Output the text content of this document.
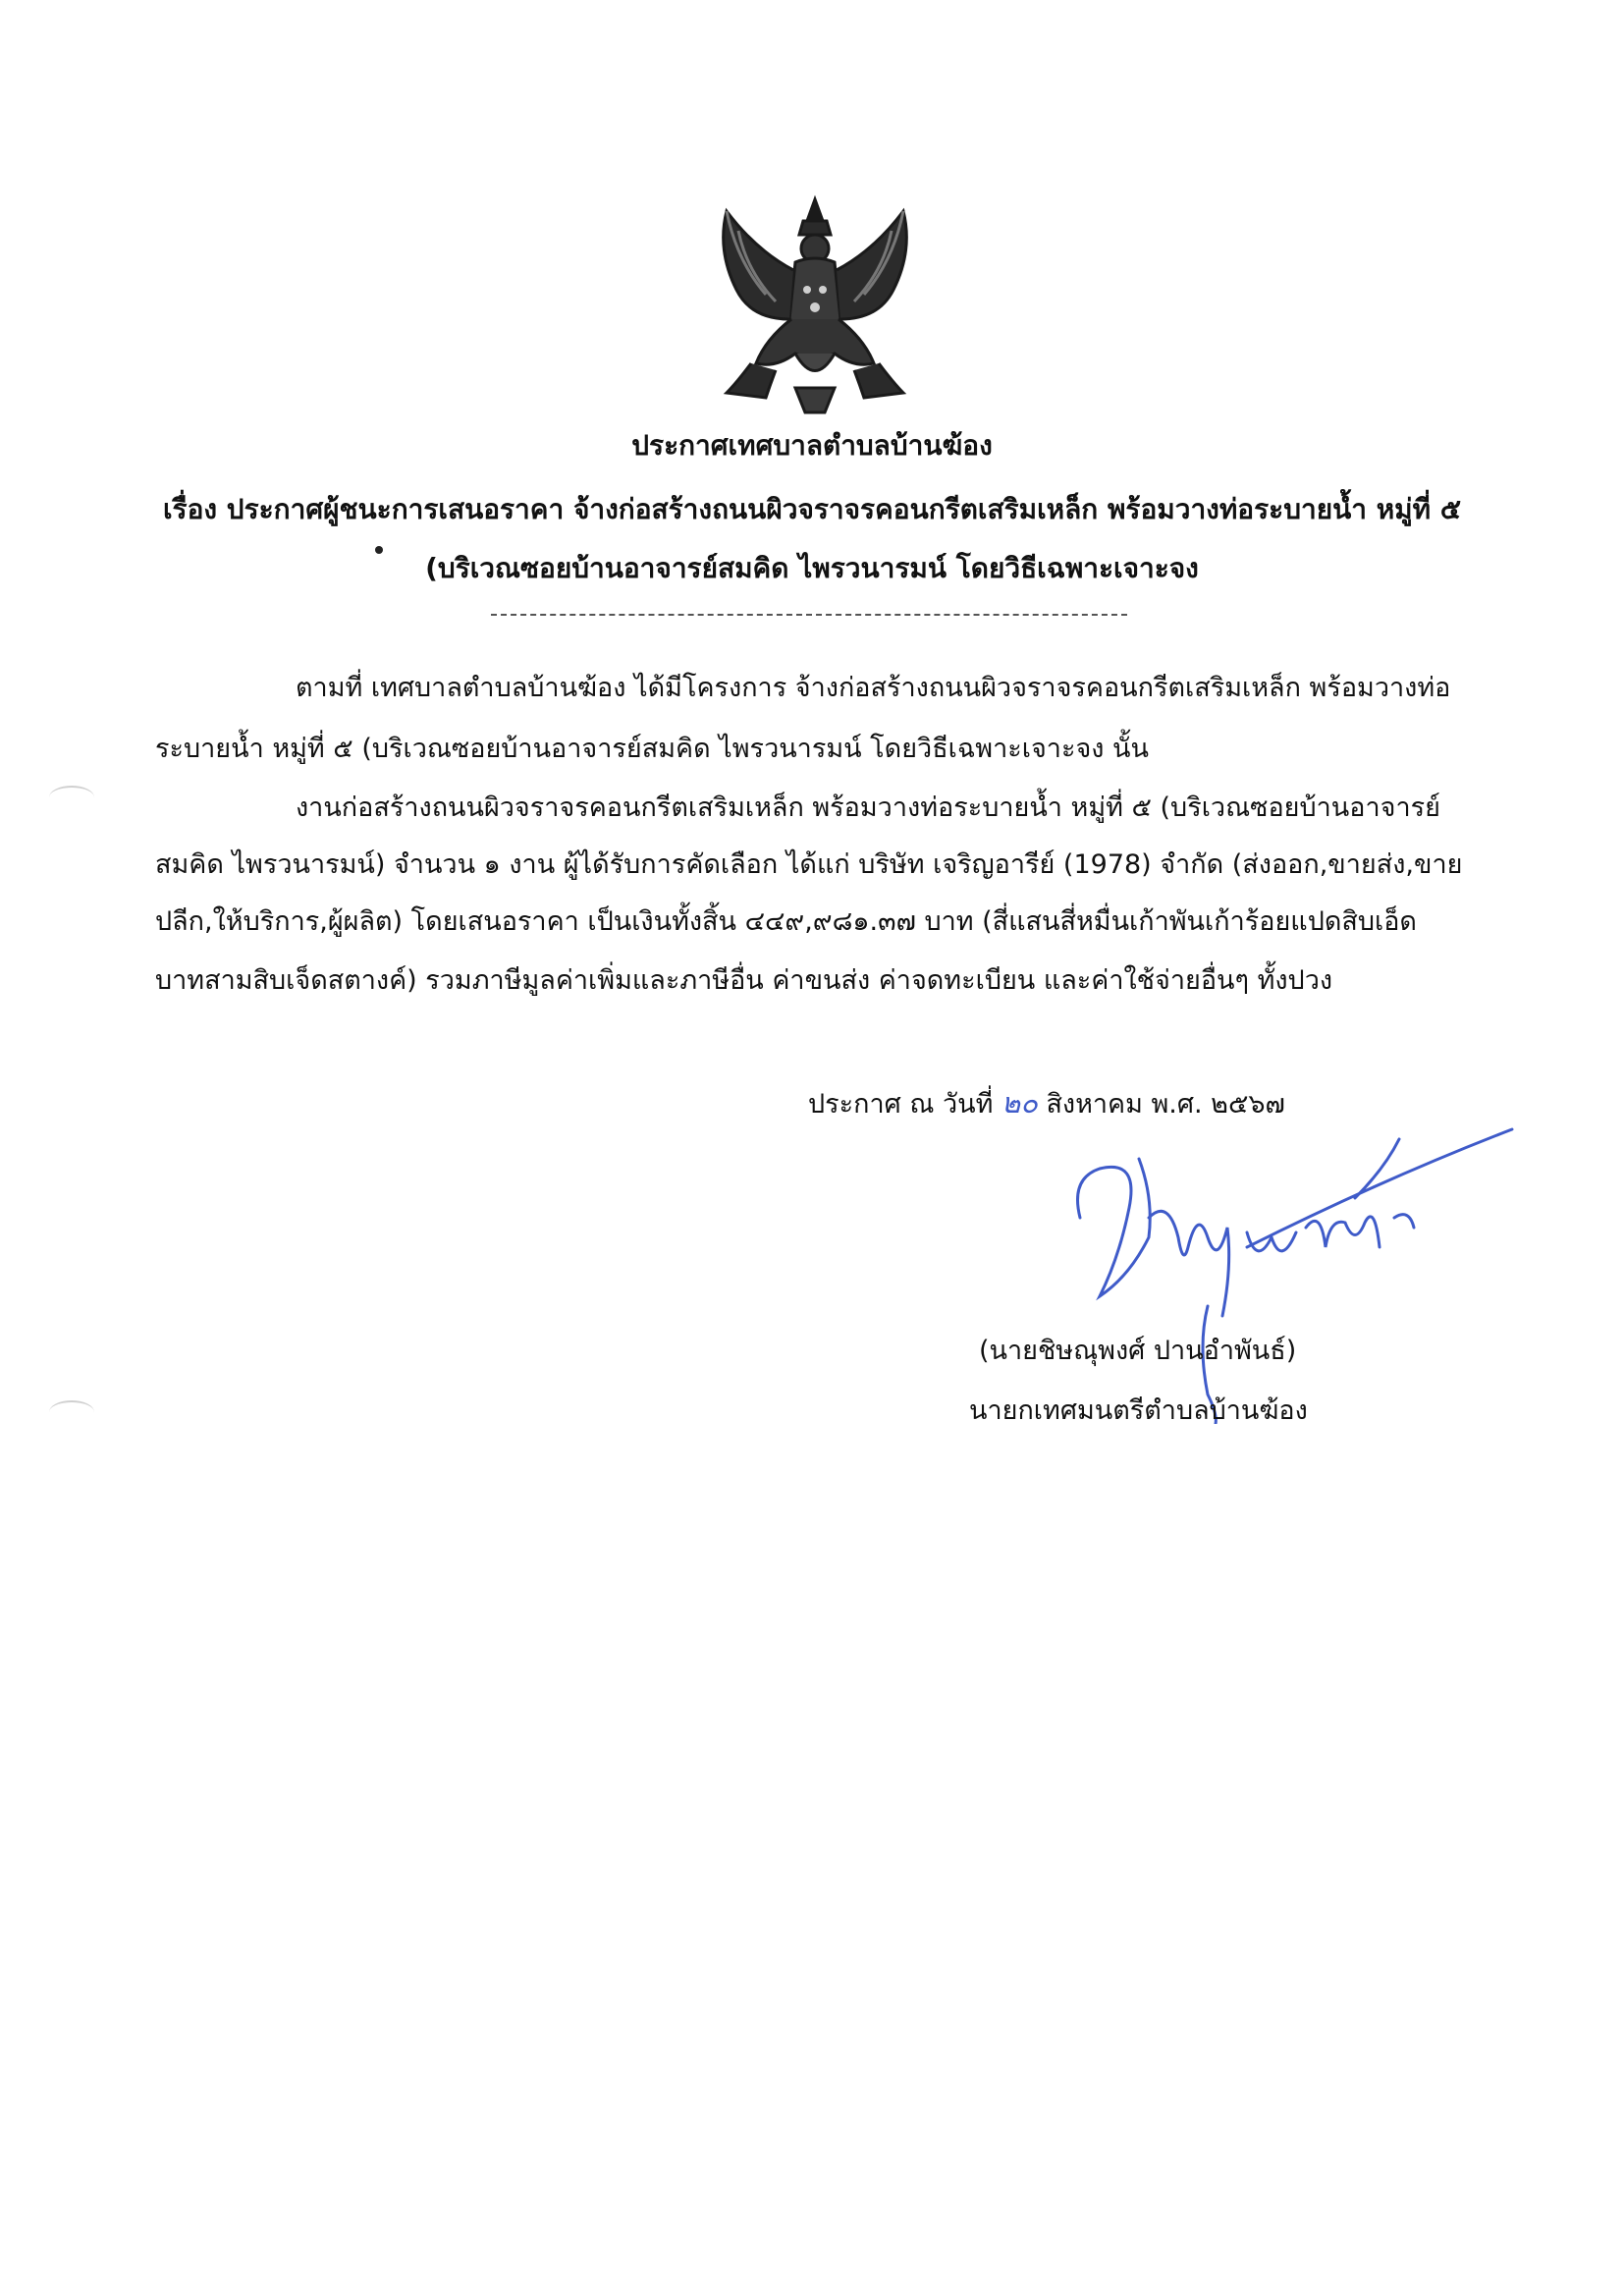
ประกาศเทศบาลตำบลบ้านฆ้อง
เรื่อง ประกาศผู้ชนะการเสนอราคา จ้างก่อสร้างถนนผิวจราจรคอนกรีตเสริมเหล็ก พร้อมวางท่อระบายน้ำ หมู่ที่ ๕
(บริเวณซอยบ้านอาจารย์สมคิด ไพรวนารมน์ โดยวิธีเฉพาะเจาะจง
ตามที่ เทศบาลตำบลบ้านฆ้อง ได้มีโครงการ จ้างก่อสร้างถนนผิวจราจรคอนกรีตเสริมเหล็ก พร้อมวางท่อ
ระบายน้ำ หมู่ที่ ๕ (บริเวณซอยบ้านอาจารย์สมคิด ไพรวนารมน์ โดยวิธีเฉพาะเจาะจง นั้น
งานก่อสร้างถนนผิวจราจรคอนกรีตเสริมเหล็ก พร้อมวางท่อระบายน้ำ หมู่ที่ ๕ (บริเวณซอยบ้านอาจารย์
สมคิด ไพรวนารมน์) จำนวน ๑ งาน ผู้ได้รับการคัดเลือก ได้แก่ บริษัท เจริญอารีย์ (1978) จำกัด (ส่งออก,ขายส่ง,ขาย
ปลีก,ให้บริการ,ผู้ผลิต) โดยเสนอราคา เป็นเงินทั้งสิ้น ๔๔๙,๙๘๑.๓๗ บาท (สี่แสนสี่หมื่นเก้าพันเก้าร้อยแปดสิบเอ็ด
บาทสามสิบเจ็ดสตางค์) รวมภาษีมูลค่าเพิ่มและภาษีอื่น ค่าขนส่ง ค่าจดทะเบียน และค่าใช้จ่ายอื่นๆ ทั้งปวง
ประกาศ ณ วันที่ ๒๐ สิงหาคม พ.ศ. ๒๕๖๗
(นายชิษณุพงศ์ ปานอำพันธ์)
นายกเทศมนตรีตำบลบ้านฆ้อง
